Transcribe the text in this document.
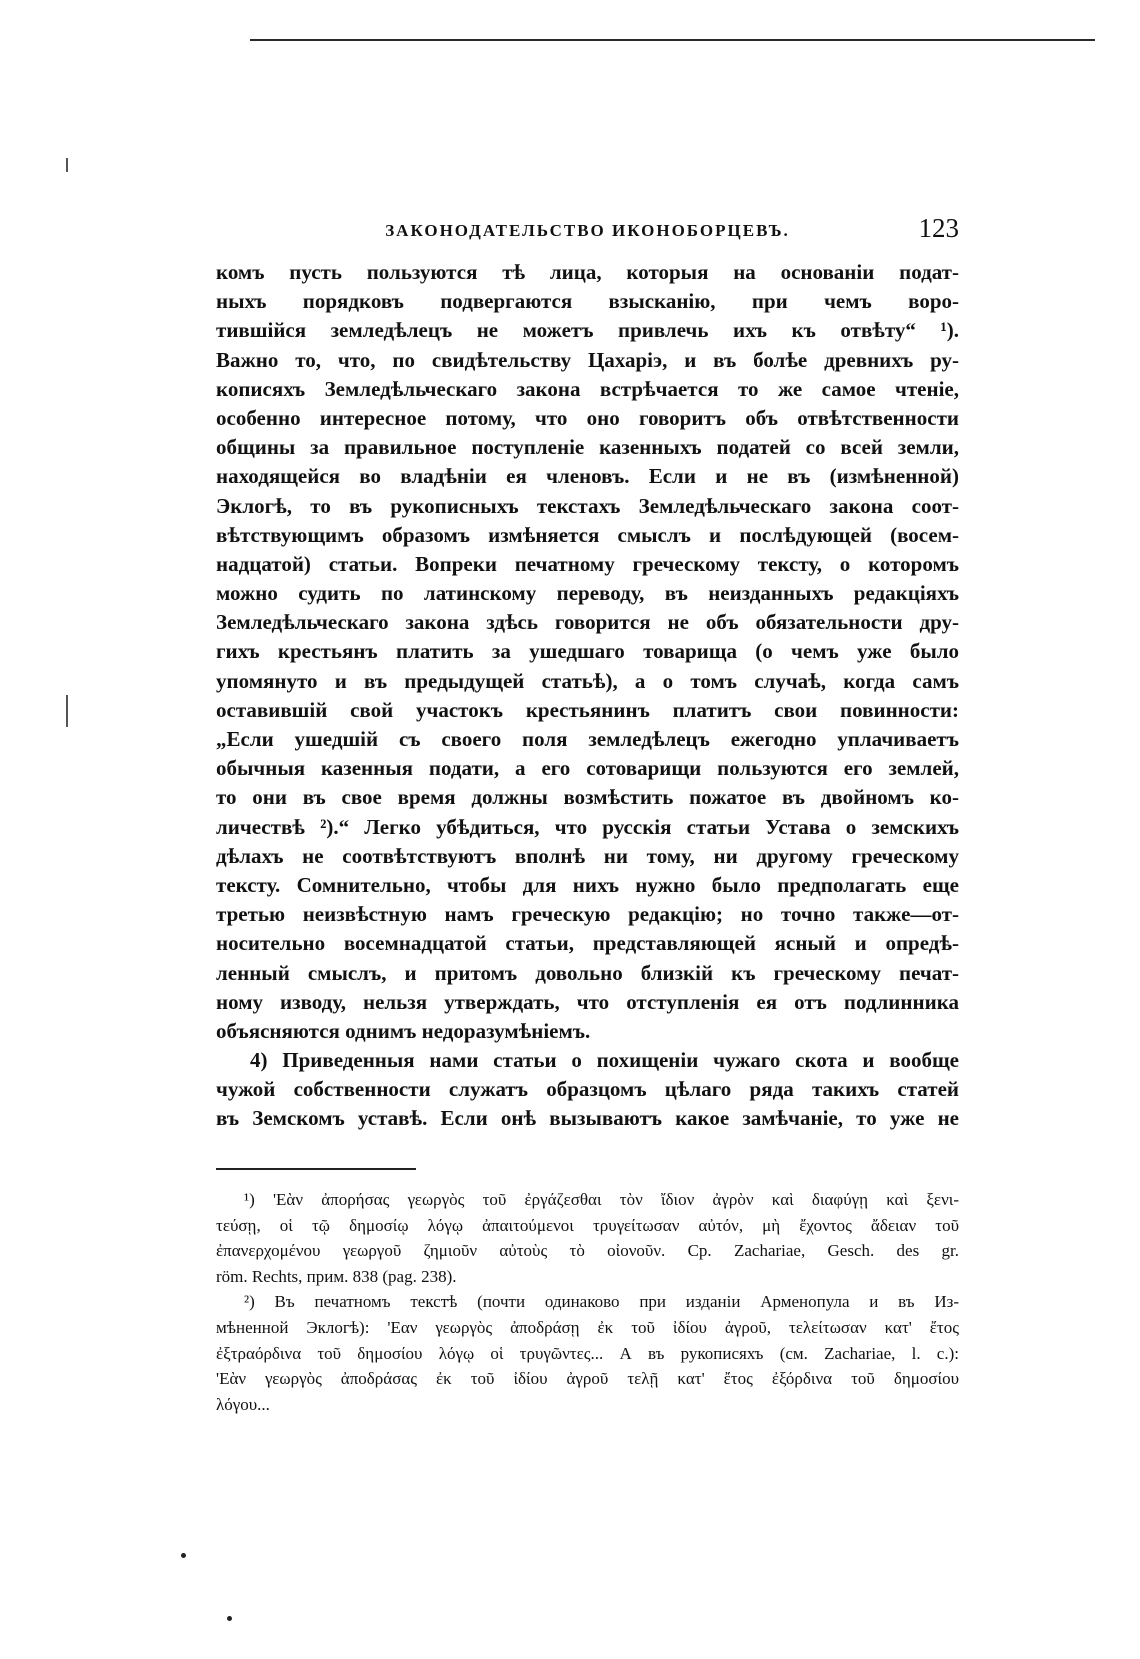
ЗАКОНОДАТЕЛЬСТВО ИКОНОБОРЦЕВЪ.	123
комъ пусть пользуются тѣ лица, которыя на основаніи подат-
ныхъ порядковъ подвергаются взысканію, при чемъ воро-
тившійся земледѣлецъ не можетъ привлечь ихъ къ отвѣту“ ¹).
Важно то, что, по свидѣтельству Цахаріэ, и въ болѣе древнихъ ру-
кописяхъ Земледѣльческаго закона встрѣчается то же самое чтеніе,
особенно интересное потому, что оно говоритъ объ отвѣтственности
общины за правильное поступленіе казенныхъ податей со всей земли,
находящейся во владѣніи ея членовъ. Если и не въ (измѣненной)
Эклогѣ, то въ рукописныхъ текстахъ Земледѣльческаго закона соот-
вѣтствующимъ образомъ измѣняется смыслъ и послѣдующей (восем-
надцатой) статьи. Вопреки печатному греческому тексту, о которомъ
можно судить по латинскому переводу, въ неизданныхъ редакціяхъ
Земледѣльческаго закона здѣсь говорится не объ обязательности дру-
гихъ крестьянъ платить за ушедшаго товарища (о чемъ уже было
упомянуто и въ предыдущей статьѣ), а о томъ случаѣ, когда самъ
оставившій свой участокъ крестьянинъ платитъ свои повинности:
„Если ушедшій съ своего поля земледѣлецъ ежегодно уплачиваетъ
обычныя казенныя подати, а его сотоварищи пользуются его землей,
то они въ свое время должны возмѣстить пожатое въ двойномъ ко-
личествѣ ²).“ Легко убѣдиться, что русскія статьи Устава о земскихъ
дѣлахъ не соотвѣтствуютъ вполнѣ ни тому, ни другому греческому
тексту. Сомнительно, чтобы для нихъ нужно было предполагать еще
третью неизвѣстную намъ греческую редакцію; но точно также—от-
носительно восемнадцатой статьи, представляющей ясный и опредѣ-
ленный смыслъ, и притомъ довольно близкій къ греческому печат-
ному изводу, нельзя утверждать, что отступленія ея отъ подлинника
объясняются однимъ недоразумѣніемъ.
4) Приведенныя нами статьи о похищеніи чужаго скота и вообще
чужой собственности служатъ образцомъ цѣлаго ряда такихъ статей
въ Земскомъ уставѣ. Если онѣ вызываютъ какое замѣчаніе, то уже не
¹) 'Εὰν ἀπορήσας γεωργὸς τοῦ ἐργάζεσθαι τὸν ἴδιον ἀγρὸν καὶ διαφύγῃ καὶ ξενι-
τεύσῃ, οἱ τῷ δημοσίῳ λόγῳ ἀπαιτούμενοι τρυγείτωσαν αὐτόν, μὴ ἔχοντος ἄδειαν τοῦ
ἐπανερχομένου γεωργοῦ ζημιοῦν αὐτοὺς τὸ οἰονοῦν. Cp. Zachariae, Gesch. des gr.
röm. Rechts, прим. 838 (pag. 238).
²) Въ печатномъ текстѣ (почти одинаково при изданіи Арменопула и въ Из-
мѣненной Эклогѣ): 'Εαν γεωργὸς ἀποδράσῃ ἐκ τοῦ ἰδίου ἀγροῦ, τελείτωσαν κατ' ἔτος
ἐξτραόρδινα τοῦ δημοσίου λόγῳ οἱ τρυγῶντες... А въ рукописяхъ (см. Zachariae, l. c.):
'Εὰν γεωργὸς ἀποδράσας ἐκ τοῦ ἰδίου ἀγροῦ τελῇ κατ' ἔτος ἐξόρδινα τοῦ δημοσίου
λόγου...
